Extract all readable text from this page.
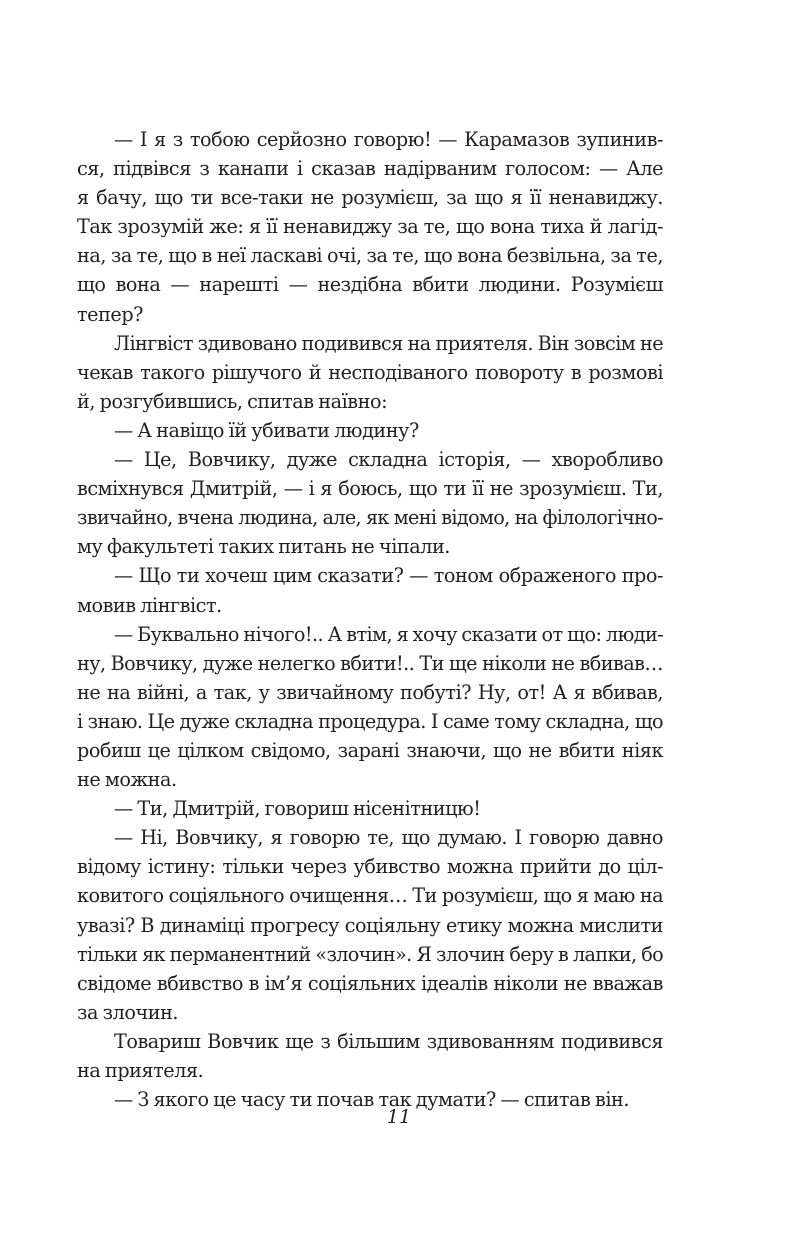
— І я з тобою серйозно говорю! — Карамазов зупинив-
ся, підвівся з канапи і сказав надірваним голосом: — Але
я бачу, що ти все-таки не розумієш, за що я її ненавиджу.
Так зрозумій же: я її ненавиджу за те, що вона тиха й лагід-
на, за те, що в неї ласкаві очі, за те, що вона безвільна, за те,
що вона — нарешті — нездібна вбити людини. Розумієш
тепер?
Лінгвіст здивовано подивився на приятеля. Він зовсім не
чекав такого рішучого й несподіваного повороту в розмові
й, розгубившись, спитав наївно:
— А навіщо їй убивати людину?
— Це, Вовчику, дуже складна історія, — хворобливо
всміхнувся Дмитрій, — і я боюсь, що ти її не зрозумієш. Ти,
звичайно, вчена людина, але, як мені відомо, на філологічно-
му факультеті таких питань не чіпали.
— Що ти хочеш цим сказати? — тоном ображеного про-
мовив лінгвіст.
— Буквально нічого!.. А втім, я хочу сказати от що: люди-
ну, Вовчику, дуже нелегко вбити!.. Ти ще ніколи не вбивав…
не на війні, а так, у звичайному побуті? Ну, от! А я вбивав,
і знаю. Це дуже складна процедура. І саме тому складна, що
робиш це цілком свідомо, зарані знаючи, що не вбити ніяк
не можна.
— Ти, Дмитрій, говориш нісенітницю!
— Ні, Вовчику, я говорю те, що думаю. І говорю давно
відому істину: тільки через убивство можна прийти до ціл-
ковитого соціяльного очищення… Ти розумієш, що я маю на
увазі? В динаміці прогресу соціяльну етику можна мислити
тільки як перманентний «злочин». Я злочин беру в лапки, бо
свідоме вбивство в ім’я соціяльних ідеалів ніколи не вважав
за злочин.
Товариш Вовчик ще з більшим здивованням подивився
на приятеля.
— З якого це часу ти почав так думати? — спитав він.
11
